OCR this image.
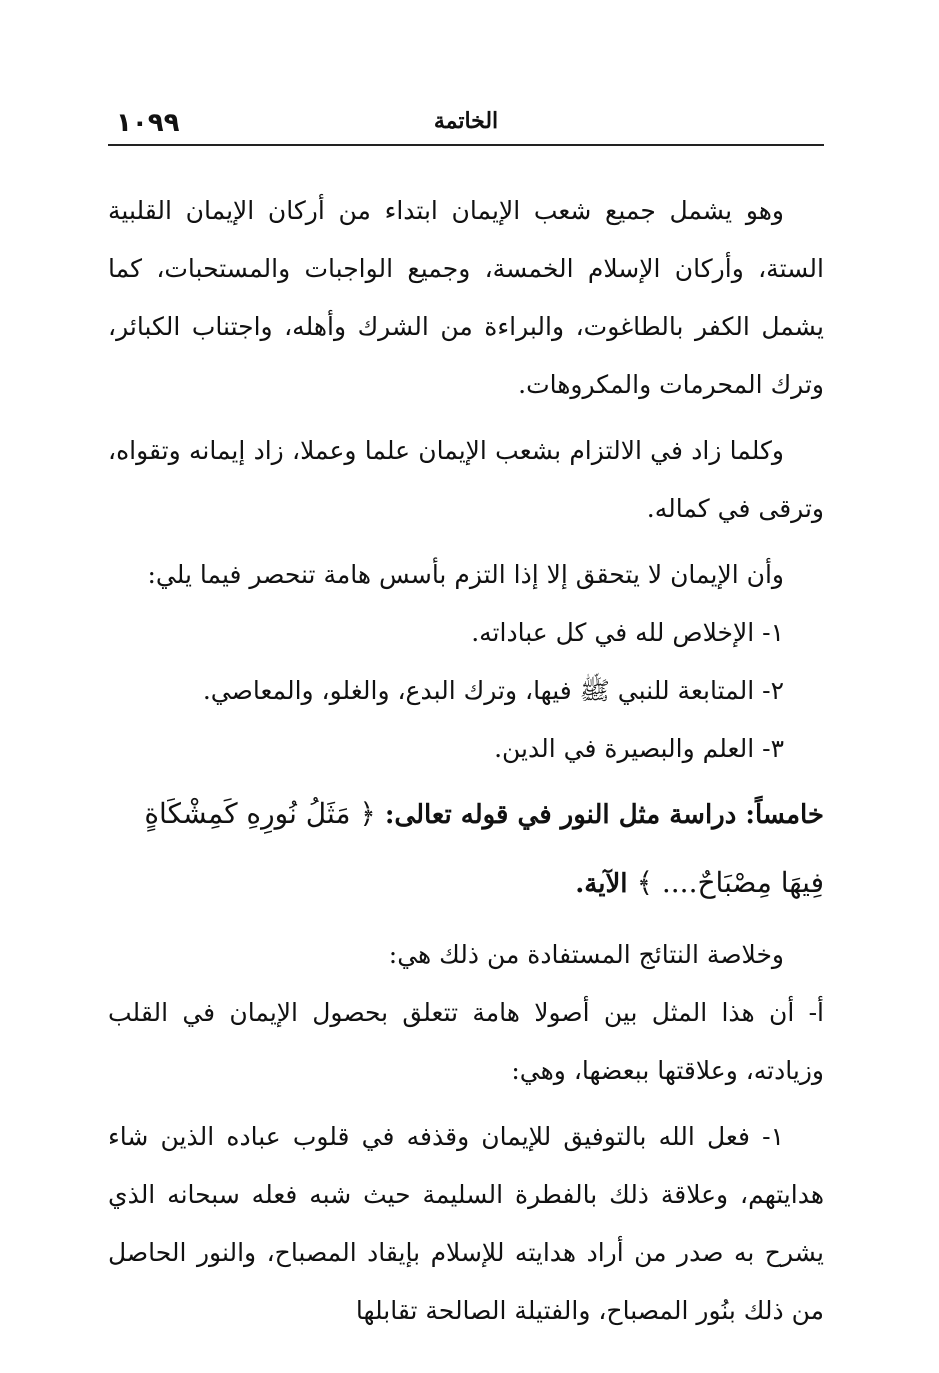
١٠٩٩	الخاتمة

وهو يشمل جميع شعب الإيمان ابتداء من أركان الإيمان القلبية الستة، وأركان الإسلام الخمسة، وجميع الواجبات والمستحبات، كما يشمل الكفر بالطاغوت، والبراءة من الشرك وأهله، واجتناب الكبائر، وترك المحرمات والمكروهات.

وكلما زاد في الالتزام بشعب الإيمان علما وعملا، زاد إيمانه وتقواه، وترقى في كماله.

وأن الإيمان لا يتحقق إلا إذا التزم بأسس هامة تنحصر فيما يلي:

١- الإخلاص لله في كل عباداته.

٢- المتابعة للنبي ﷺ فيها، وترك البدع، والغلو، والمعاصي.

٣- العلم والبصيرة في الدين.

خامساً: دراسة مثل النور في قوله تعالى: ﴿ مَثَلُ نُورِهِ كَمِشْكَاةٍ فِيهَا مِصْبَاحٌ.... ﴾ الآية.

وخلاصة النتائج المستفادة من ذلك هي:

أ- أن هذا المثل بين أصولا هامة تتعلق بحصول الإيمان في القلب وزيادته، وعلاقتها ببعضها، وهي:

١- فعل الله بالتوفيق للإيمان وقذفه في قلوب عباده الذين شاء هدايتهم، وعلاقة ذلك بالفطرة السليمة حيث شبه فعله سبحانه الذي يشرح به صدر من أراد هدايته للإسلام بإيقاد المصباح، والنور الحاصل من ذلك بنُور المصباح، والفتيلة الصالحة تقابلها
